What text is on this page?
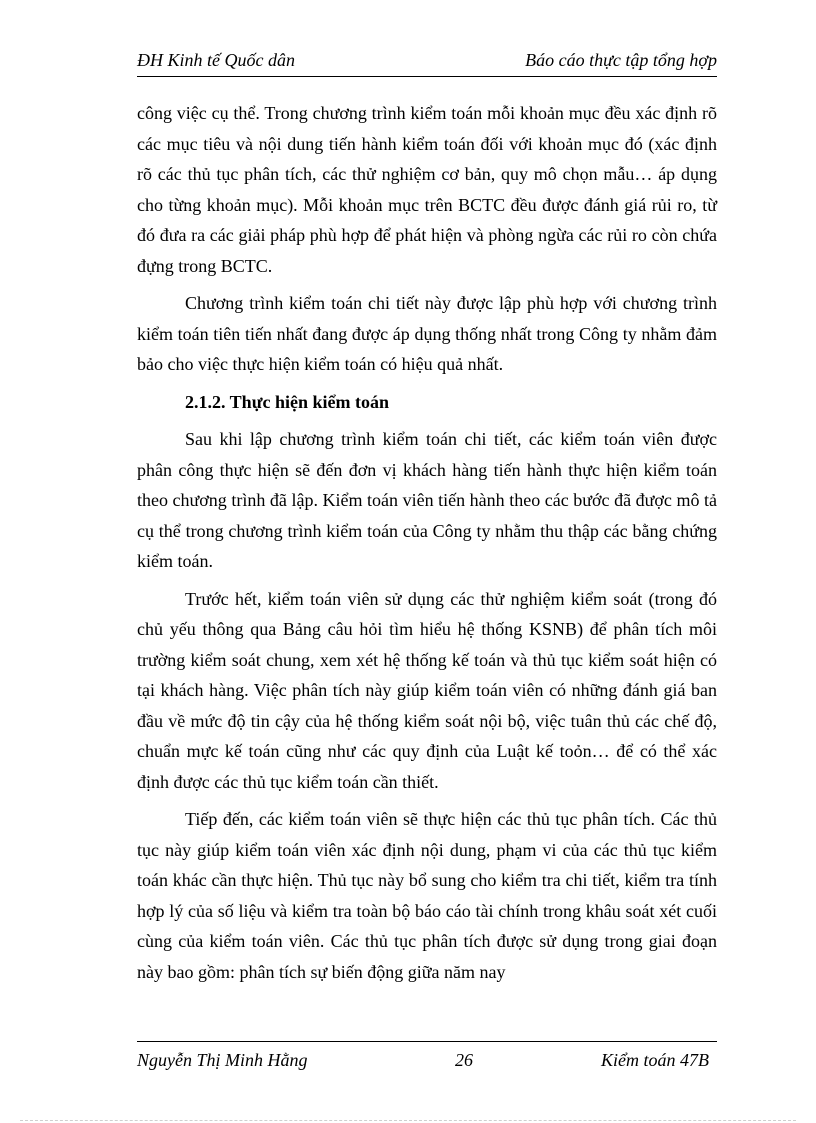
ĐH Kinh tế Quốc dân	Báo cáo thực tập tổng hợp

công việc cụ thể. Trong chương trình kiểm toán mỗi khoản mục đều xác định rõ các mục tiêu và nội dung tiến hành kiểm toán đối với khoản mục đó (xác định rõ các thủ tục phân tích, các thử nghiệm cơ bản, quy mô chọn mẫu… áp dụng cho từng khoản mục). Mỗi khoản mục trên BCTC đều được đánh giá rủi ro, từ đó đưa ra các giải pháp phù hợp để phát hiện và phòng ngừa các rủi ro còn chứa đựng trong BCTC.

Chương trình kiểm toán chi tiết này được lập phù hợp với chương trình kiểm toán tiên tiến nhất đang được áp dụng thống nhất trong Công ty nhằm đảm bảo cho việc thực hiện kiểm toán có hiệu quả nhất.

2.1.2. Thực hiện kiểm toán

Sau khi lập chương trình kiểm toán chi tiết, các kiểm toán viên được phân công thực hiện sẽ đến đơn vị khách hàng tiến hành thực hiện kiểm toán theo chương trình đã lập. Kiểm toán viên tiến hành theo các bước đã được mô tả cụ thể trong chương trình kiểm toán của Công ty nhằm thu thập các bằng chứng kiểm toán.

Trước hết, kiểm toán viên sử dụng các thử nghiệm kiểm soát (trong đó chủ yếu thông qua Bảng câu hỏi tìm hiểu hệ thống KSNB) để phân tích môi trường kiểm soát chung, xem xét hệ thống kế toán và thủ tục kiểm soát hiện có tại khách hàng. Việc phân tích này giúp kiểm toán viên có những đánh giá ban đầu về mức độ tin cậy của hệ thống kiểm soát nội bộ, việc tuân thủ các chế độ, chuẩn mực kế toán cũng như các quy định của Luật kế toỏn… để có thể xác định được các thủ tục kiểm toán cần thiết.

Tiếp đến, các kiểm toán viên sẽ thực hiện các thủ tục phân tích. Các thủ tục này giúp kiểm toán viên xác định nội dung, phạm vi của các thủ tục kiểm toán khác cần thực hiện. Thủ tục này bổ sung cho kiểm tra chi tiết, kiểm tra tính hợp lý của số liệu và kiểm tra toàn bộ báo cáo tài chính trong khâu soát xét cuối cùng của kiểm toán viên. Các thủ tục phân tích được sử dụng trong giai đoạn này bao gồm: phân tích sự biến động giữa năm nay

Nguyễn Thị Minh Hằng	26	Kiểm toán 47B
